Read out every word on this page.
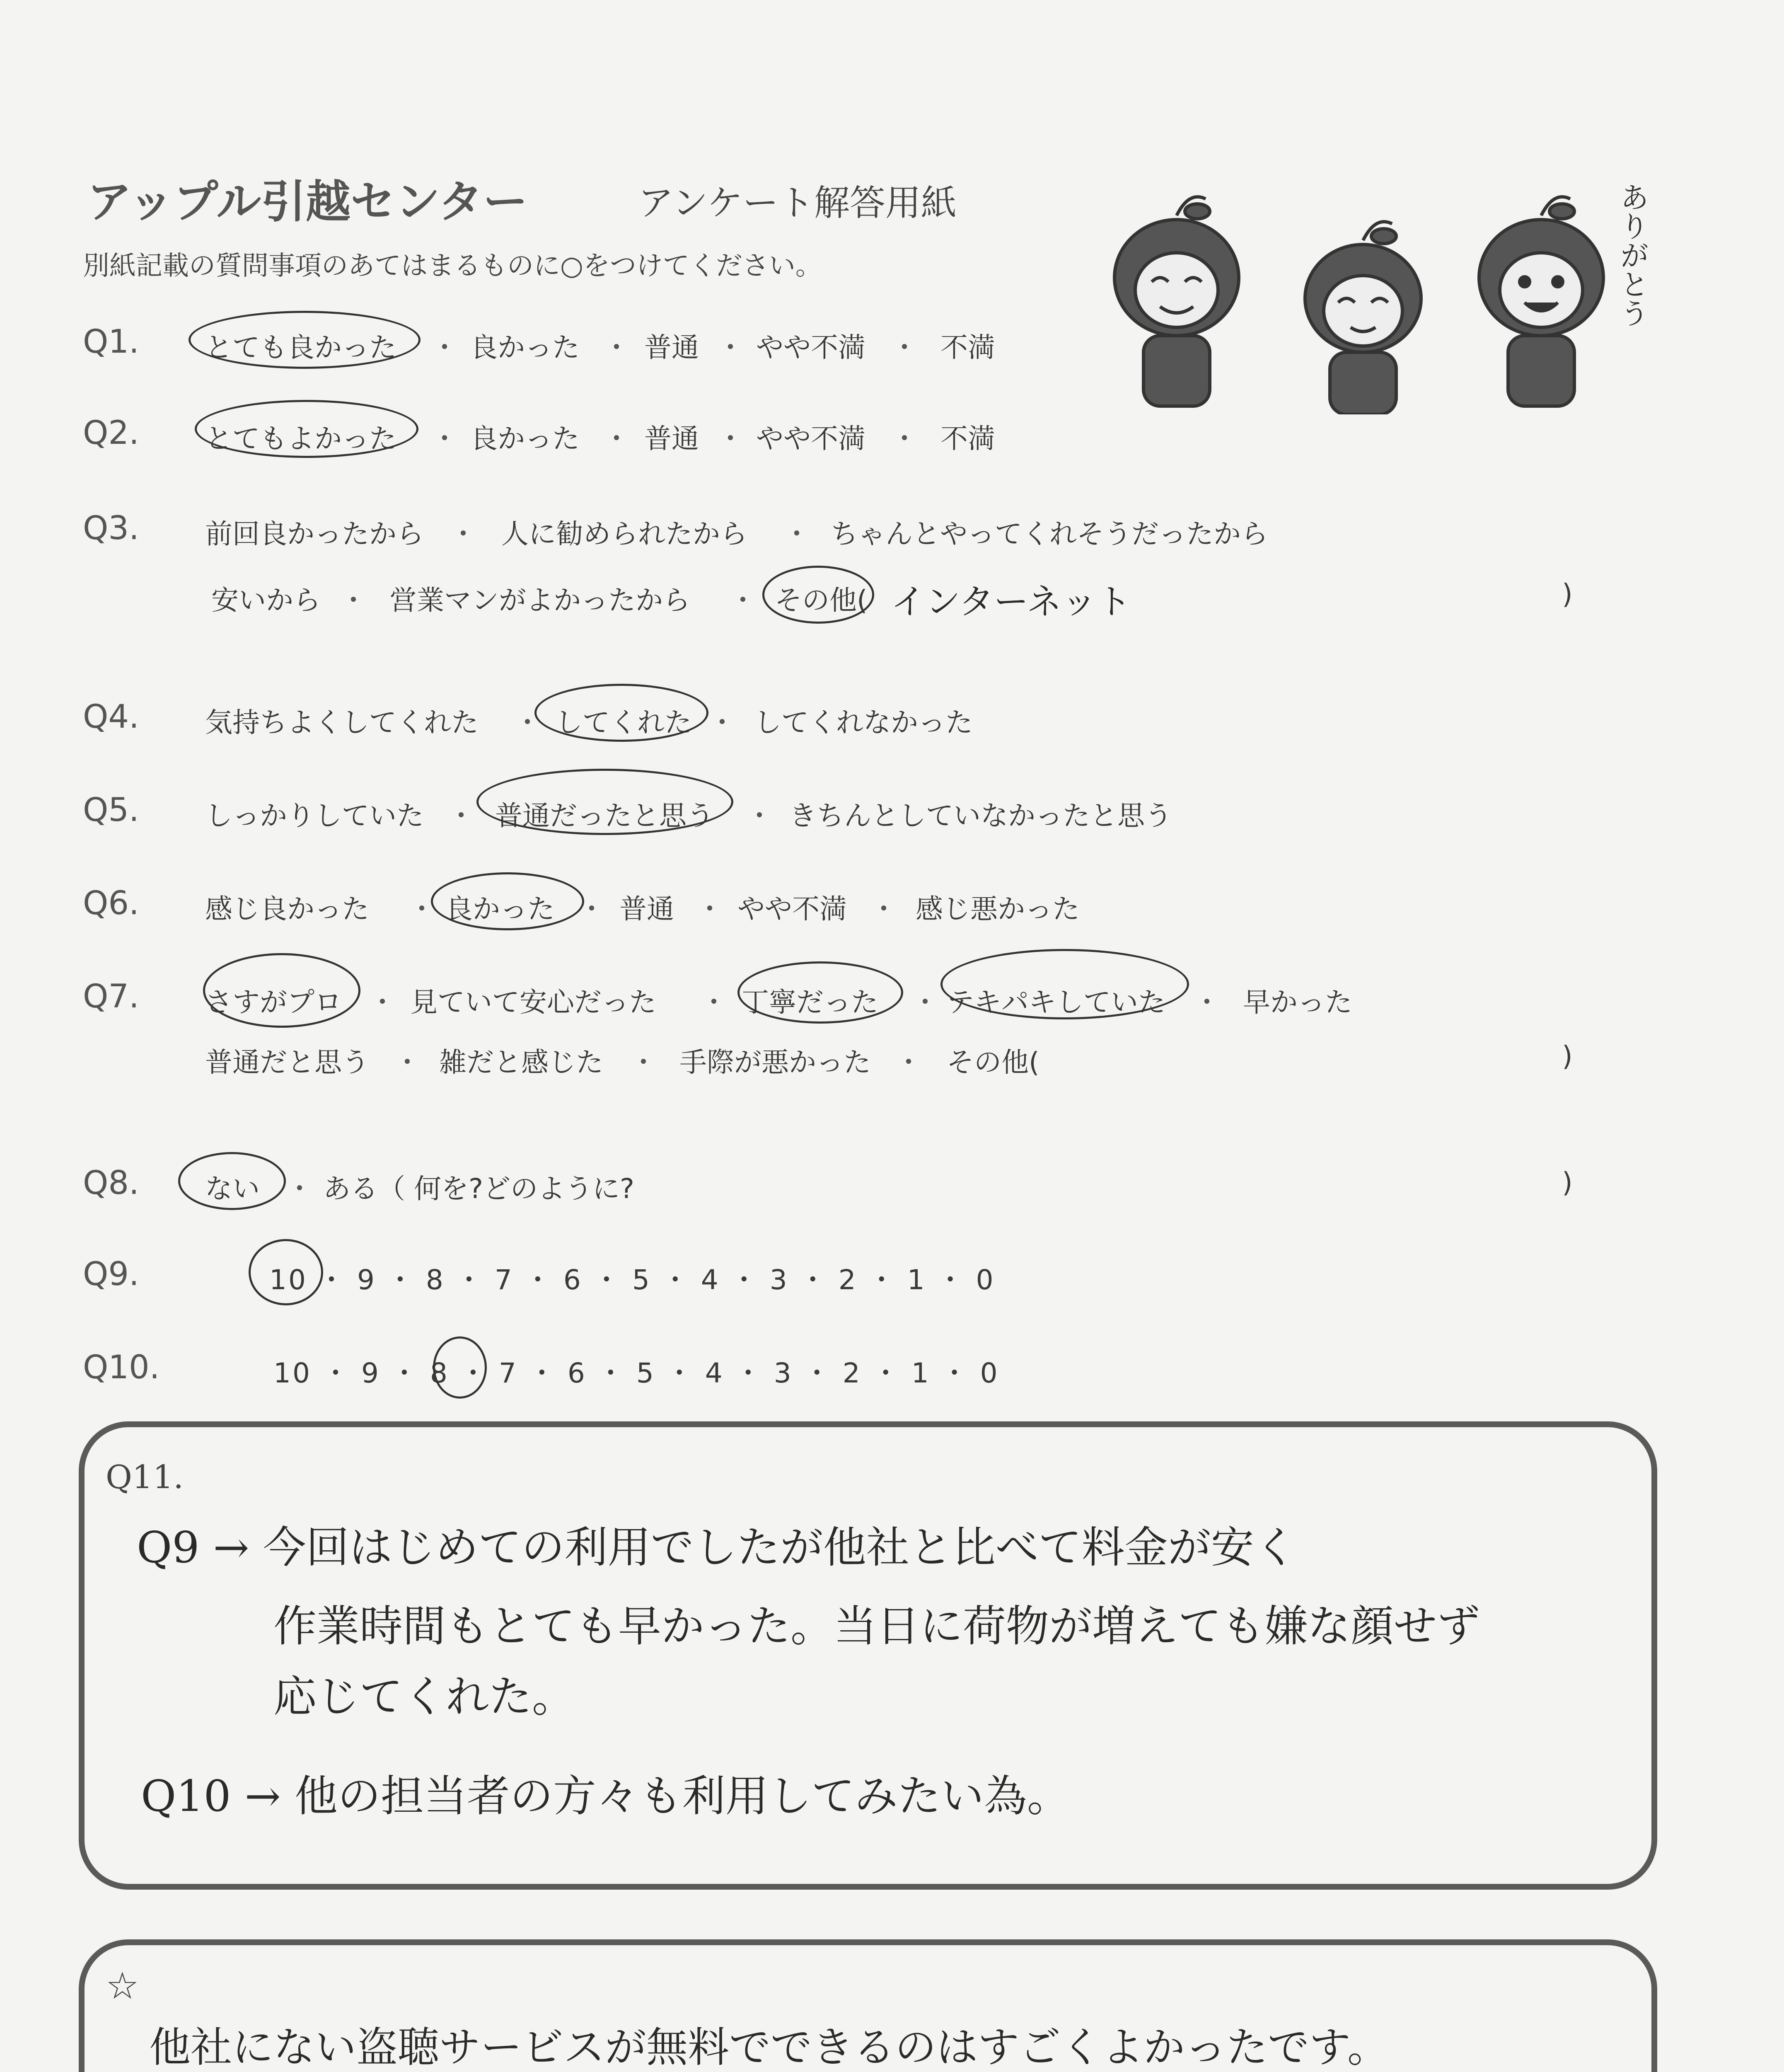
アップル引越センター	アンケート解答用紙
別紙記載の質問事項のあてはまるものに○をつけてください。	ありがとう
Q1. とても良かった ・ 良かった ・ 普通 ・ やや不満 ・ 不満
Q2. とてもよかった ・ 良かった ・ 普通 ・ やや不満 ・ 不満
Q3. 前回良かったから ・ 人に勧められたから ・ ちゃんとやってくれそうだったから
安いから ・ 営業マンがよかったから ・ その他( インターネット	)
Q4. 気持ちよくしてくれた ・ してくれた ・ してくれなかった
Q5. しっかりしていた ・ 普通だったと思う ・ きちんとしていなかったと思う
Q6. 感じ良かった ・ 良かった ・ 普通 ・ やや不満 ・ 感じ悪かった
Q7. さすがプロ ・ 見ていて安心だった ・ 丁寧だった ・ テキパキしていた ・ 早かった
普通だと思う ・ 雑だと感じた ・ 手際が悪かった ・ その他(	)
Q8. ない ・ ある（ 何を?どのように?	)
Q9.	10 ・ 9 ・ 8 ・ 7 ・ 6 ・ 5 ・ 4 ・ 3 ・ 2 ・ 1 ・ 0
Q10.	10 ・ 9 ・ 8 ・ 7 ・ 6 ・ 5 ・ 4 ・ 3 ・ 2 ・ 1 ・ 0
Q11.
Q9 → 今回はじめての利用でしたが他社と比べて料金が安く
作業時間もとても早かった。当日に荷物が増えても嫌な顔せず
応じてくれた。
Q10 → 他の担当者の方々も利用してみたい為。
☆
他社にない盗聴サービスが無料でできるのはすごくよかったです。
